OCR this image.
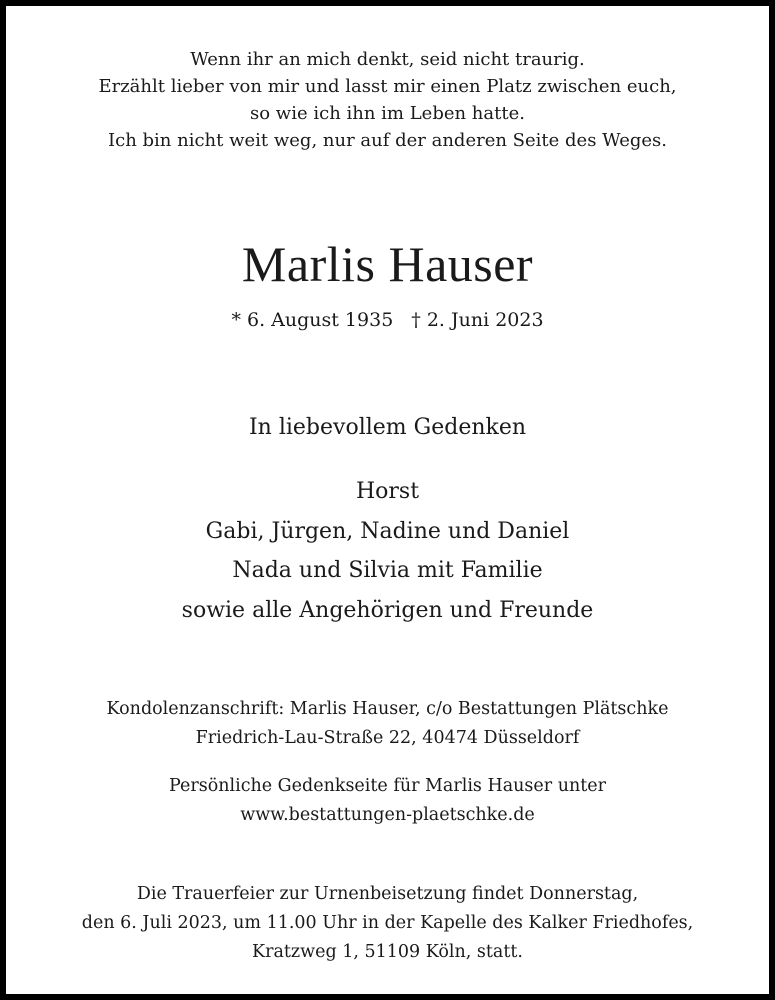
Wenn ihr an mich denkt, seid nicht traurig.
Erzählt lieber von mir und lasst mir einen Platz zwischen euch,
so wie ich ihn im Leben hatte.
Ich bin nicht weit weg, nur auf der anderen Seite des Weges.
Marlis Hauser
* 6. August 1935 † 2. Juni 2023
In liebevollem Gedenken
Horst
Gabi, Jürgen, Nadine und Daniel
Nada und Silvia mit Familie
sowie alle Angehörigen und Freunde
Kondolenzanschrift: Marlis Hauser, c/o Bestattungen Plätschke
Friedrich-Lau-Straße 22, 40474 Düsseldorf
Persönliche Gedenkseite für Marlis Hauser unter
www.bestattungen-plaetschke.de
Die Trauerfeier zur Urnenbeisetzung findet Donnerstag,
den 6. Juli 2023, um 11.00 Uhr in der Kapelle des Kalker Friedhofes,
Kratzweg 1, 51109 Köln, statt.
